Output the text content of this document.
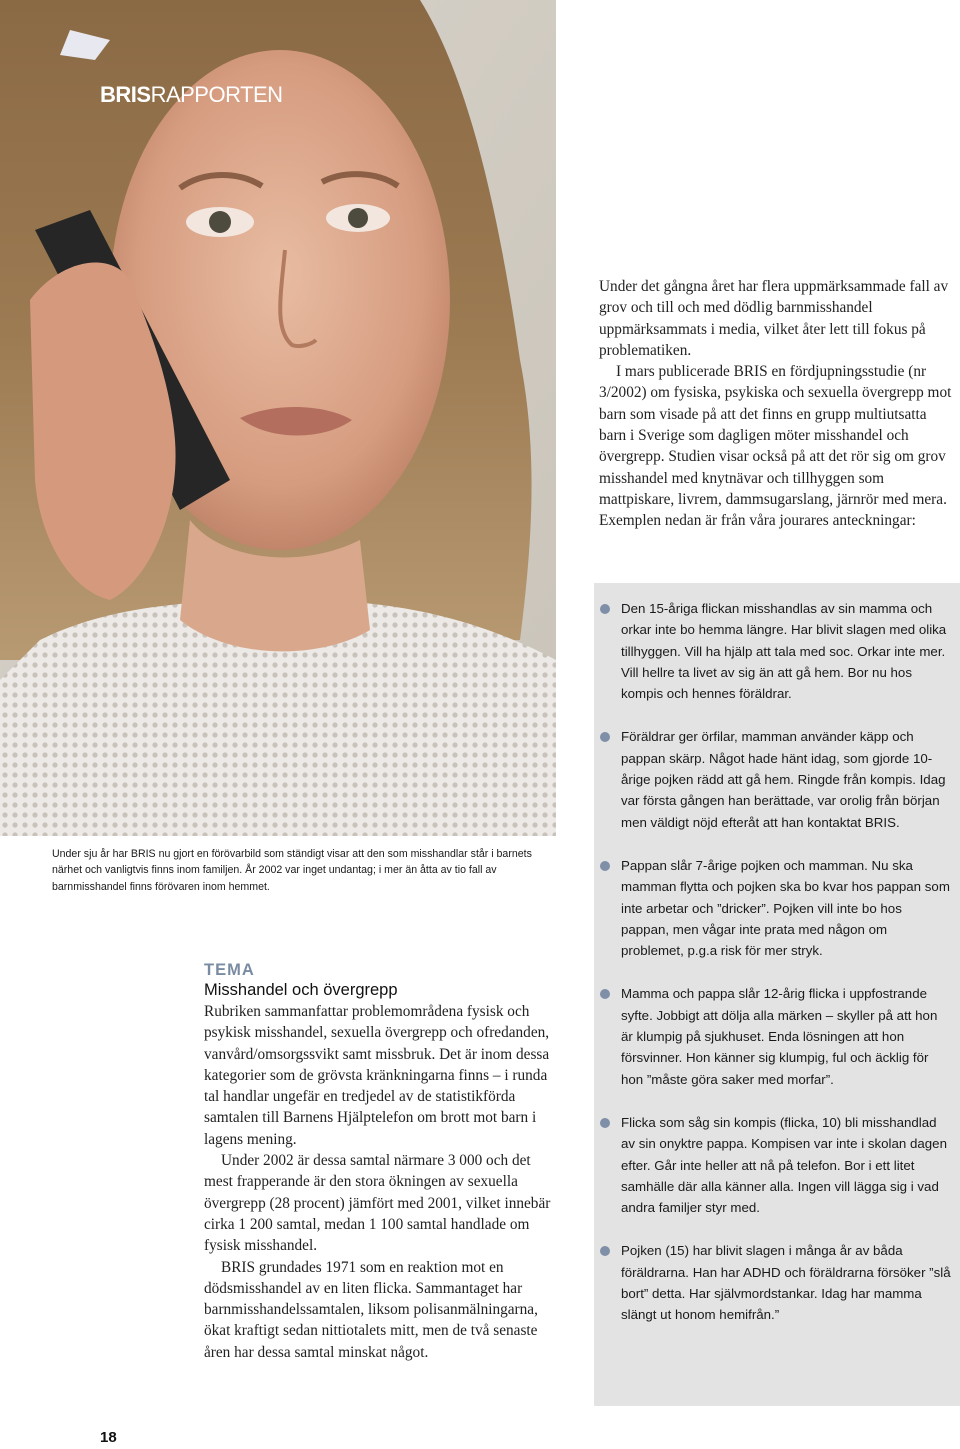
BRISRAPPORTEN

Under det gångna året har flera uppmärksammade fall av grov och till och med dödlig barnmisshandel uppmärksammats i media, vilket åter lett till fokus på problematiken.

I mars publicerade BRIS en fördjupningsstudie (nr 3/2002) om fysiska, psykiska och sexuella övergrepp mot barn som visade på att det finns en grupp multiutsatta barn i Sverige som dagligen möter misshandel och övergrepp. Studien visar också på att det rör sig om grov misshandel med knytnävar och tillhyggen som mattpiskare, livrem, dammsugarslang, järnrör med mera. Exemplen nedan är från våra jourares anteckningar:

Under sju år har BRIS nu gjort en förövarbild som ständigt visar att den som misshandlar står i barnets närhet och vanligtvis finns inom familjen. År 2002 var inget undantag; i mer än åtta av tio fall av barnmisshandel finns förövaren inom hemmet.
TEMA
Misshandel och övergrepp

Rubriken sammanfattar problemområdena fysisk och psykisk misshandel, sexuella övergrepp och ofredanden, vanvård/omsorgssvikt samt missbruk. Det är inom dessa kategorier som de grövsta kränkningarna finns – i runda tal handlar ungefär en tredjedel av de statistikförda samtalen till Barnens Hjälptelefon om brott mot barn i lagens mening.

Under 2002 är dessa samtal närmare 3 000 och det mest frapperande är den stora ökningen av sexuella övergrepp (28 procent) jämfört med 2001, vilket innebär cirka 1 200 samtal, medan 1 100 samtal handlade om fysisk misshandel.

BRIS grundades 1971 som en reaktion mot en dödsmisshandel av en liten flicka. Sammantaget har barnmisshandelssamtalen, liksom polisanmälningarna, ökat kraftigt sedan nittiotalets mitt, men de två senaste åren har dessa samtal minskat något.

Den 15-åriga flickan misshandlas av sin mamma och orkar inte bo hemma längre. Har blivit slagen med olika tillhyggen. Vill ha hjälp att tala med soc. Orkar inte mer. Vill hellre ta livet av sig än att gå hem. Bor nu hos kompis och hennes föräldrar.
Föräldrar ger örfilar, mamman använder käpp och pappan skärp. Något hade hänt idag, som gjorde 10-årige pojken rädd att gå hem. Ringde från kompis. Idag var första gången han berättade, var orolig från början men väldigt nöjd efteråt att han kontaktat BRIS.
Pappan slår 7-årige pojken och mamman. Nu ska mamman flytta och pojken ska bo kvar hos pappan som inte arbetar och ”dricker”. Pojken vill inte bo hos pappan, men vågar inte prata med någon om problemet, p.g.a risk för mer stryk.
Mamma och pappa slår 12-årig flicka i uppfostrande syfte. Jobbigt att dölja alla märken – skyller på att hon är klumpig på sjukhuset. Enda lösningen att hon försvinner. Hon känner sig klumpig, ful och äcklig för hon ”måste göra saker med morfar”.
Flicka som såg sin kompis (flicka, 10) bli misshandlad av sin onyktre pappa. Kompisen var inte i skolan dagen efter. Går inte heller att nå på telefon. Bor i ett litet samhälle där alla känner alla. Ingen vill lägga sig i vad andra familjer styr med.
Pojken (15) har blivit slagen i många år av båda föräldrarna. Han har ADHD och föräldrarna försöker ”slå bort” detta. Har självmordstankar. Idag har mamma slängt ut honom hemifrån.”
18
